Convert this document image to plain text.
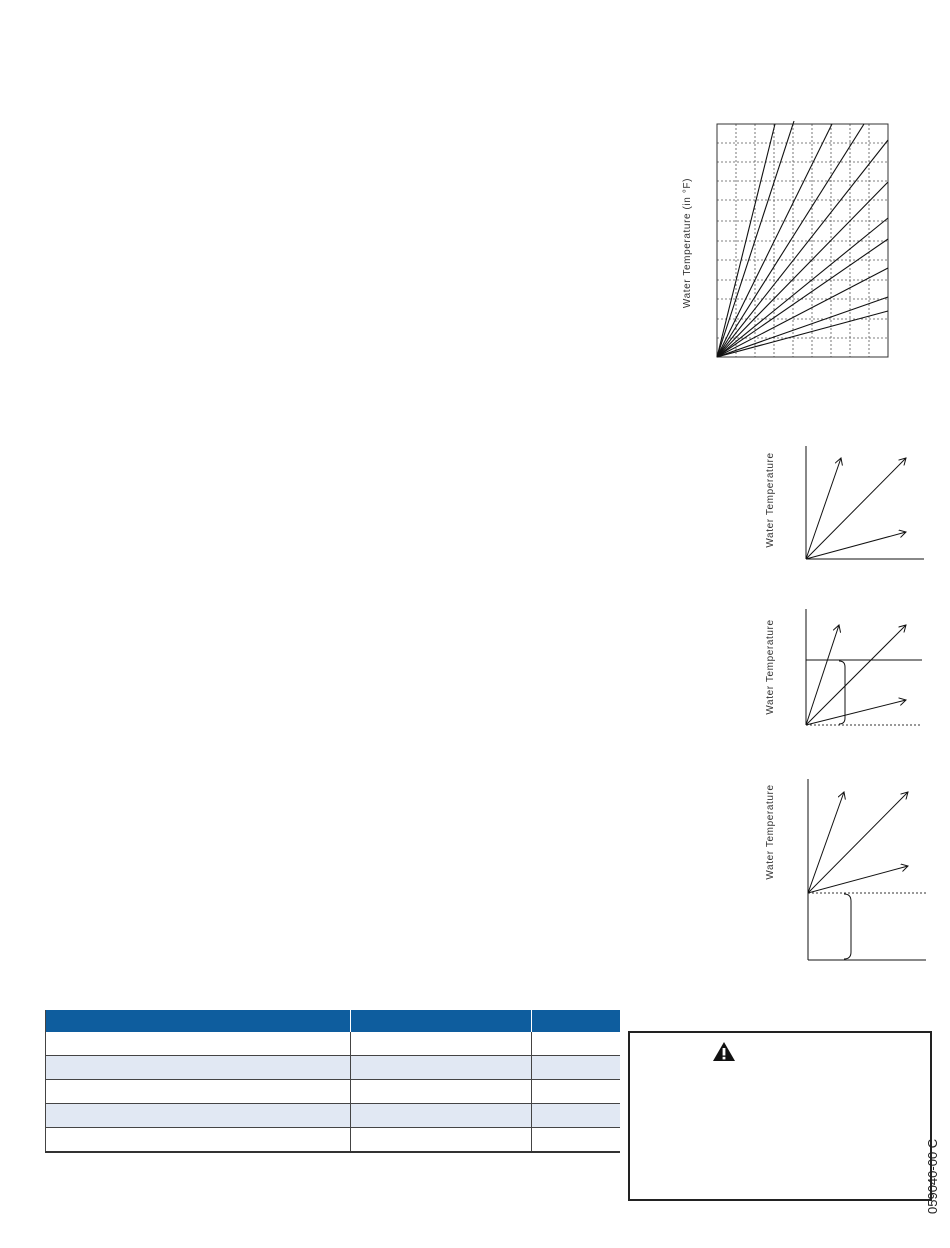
Water Temperature (in °F)
Water Temperature
Water Temperature
Water Temperature

059040-00 C
